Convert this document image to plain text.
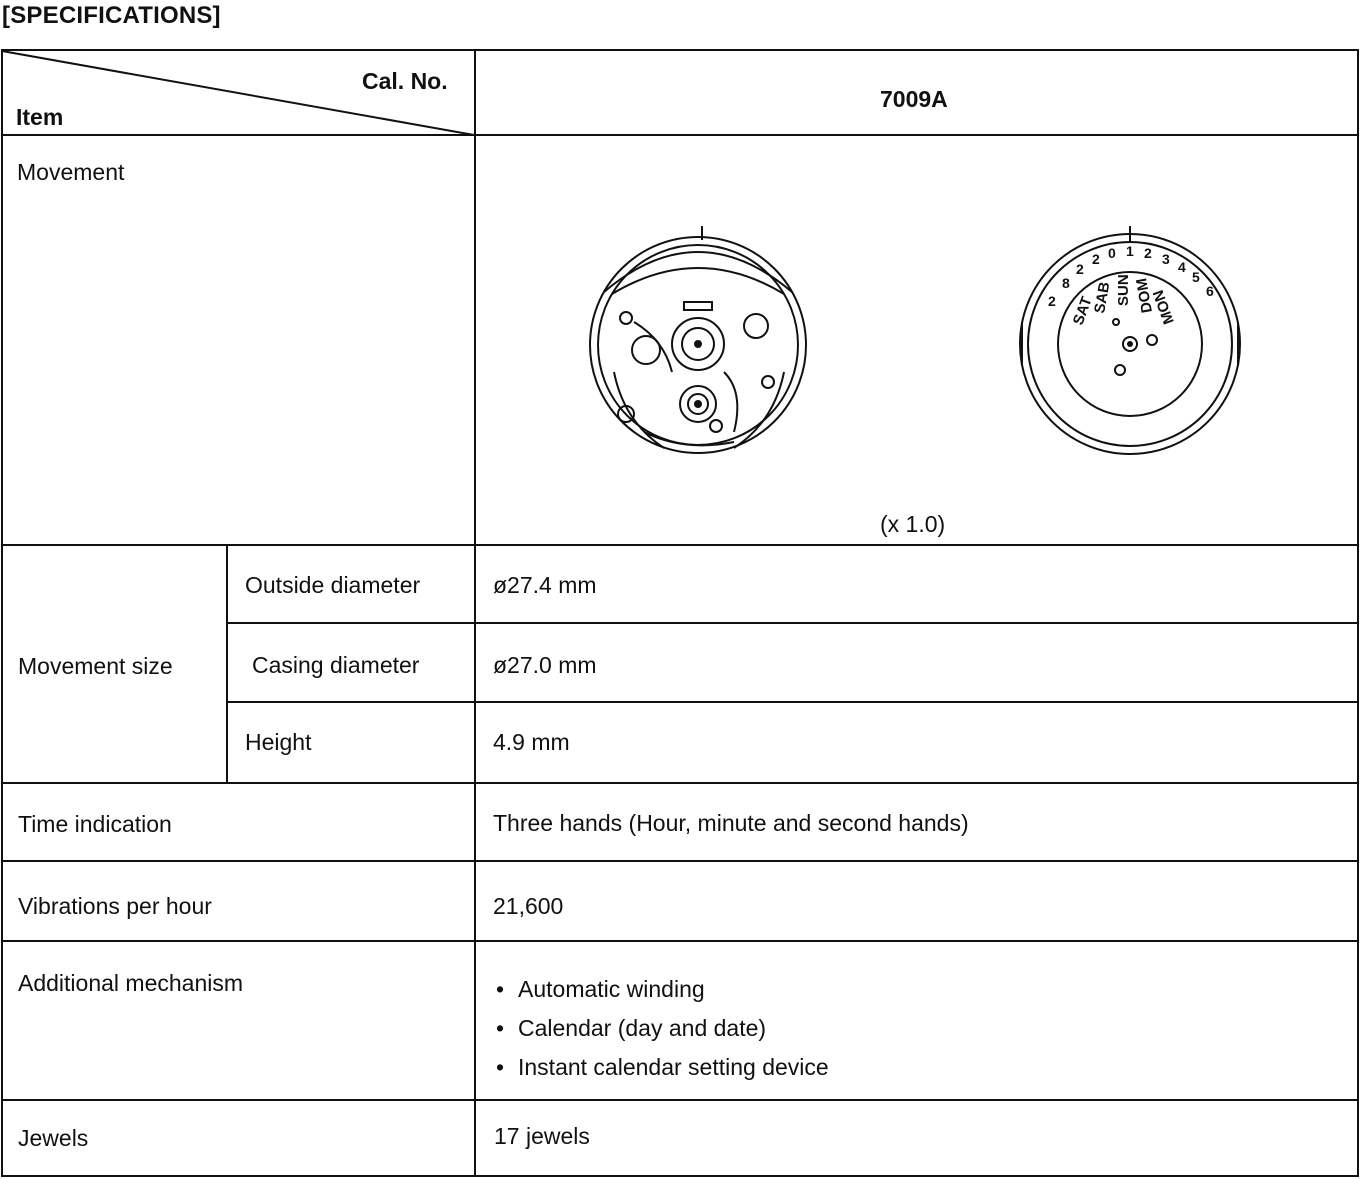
[SPECIFICATIONS]
Cal. No.
Item
7009A
Movement
SAT
SUN MON
SAB DOM
2
8
2
2 0 1 2 3 4
5
6
(x 1.0)
Movement size
Outside diameter	ø27.4 mm
Casing diameter	ø27.0 mm
Height	4.9 mm
Time indication	Three hands (Hour, minute and second hands)
Vibrations per hour	21,600
Additional mechanism
•	Automatic winding
• Calendar (day and date)
• Instant calendar setting device
Jewels	17 jewels
